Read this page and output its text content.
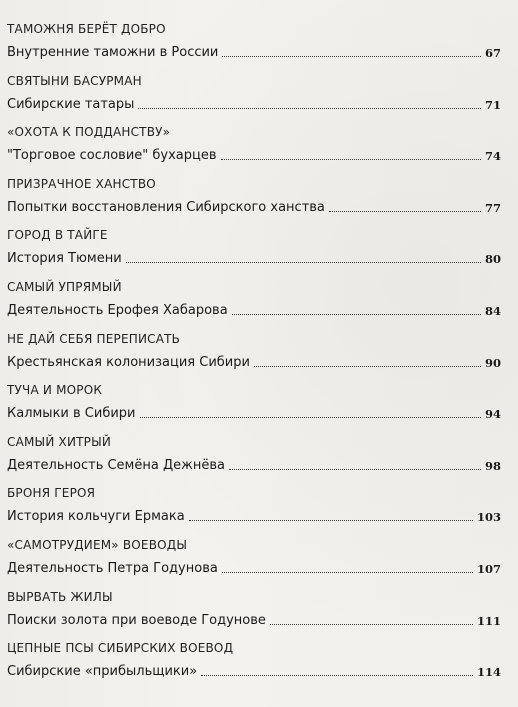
ТАМОЖНЯ БЕРЁТ ДОБРО
Внутренние таможни в России	67
СВЯТЫНИ БАСУРМАН
Сибирские татары	71
«ОХОТА К ПОДДАНСТВУ»
"Торговое сословие" бухарцев	74
ПРИЗРАЧНОЕ ХАНСТВО
Попытки восстановления Сибирского ханства	77
ГОРОД В ТАЙГЕ
История Тюмени	80
САМЫЙ УПРЯМЫЙ
Деятельность Ерофея Хабарова	84
НЕ ДАЙ СЕБЯ ПЕРЕПИСАТЬ
Крестьянская колонизация Сибири	90
ТУЧА И МОРОК
Калмыки в Сибири	94
САМЫЙ ХИТРЫЙ
Деятельность Семёна Дежнёва	98
БРОНЯ ГЕРОЯ
История кольчуги Ермака	103
«САМОТРУДИЕМ» ВОЕВОДЫ
Деятельность Петра Годунова	107
ВЫРВАТЬ ЖИЛЫ
Поиски золота при воеводе Годунове	111
ЦЕПНЫЕ ПСЫ СИБИРСКИХ ВОЕВОД
Сибирские «прибыльщики»	114
